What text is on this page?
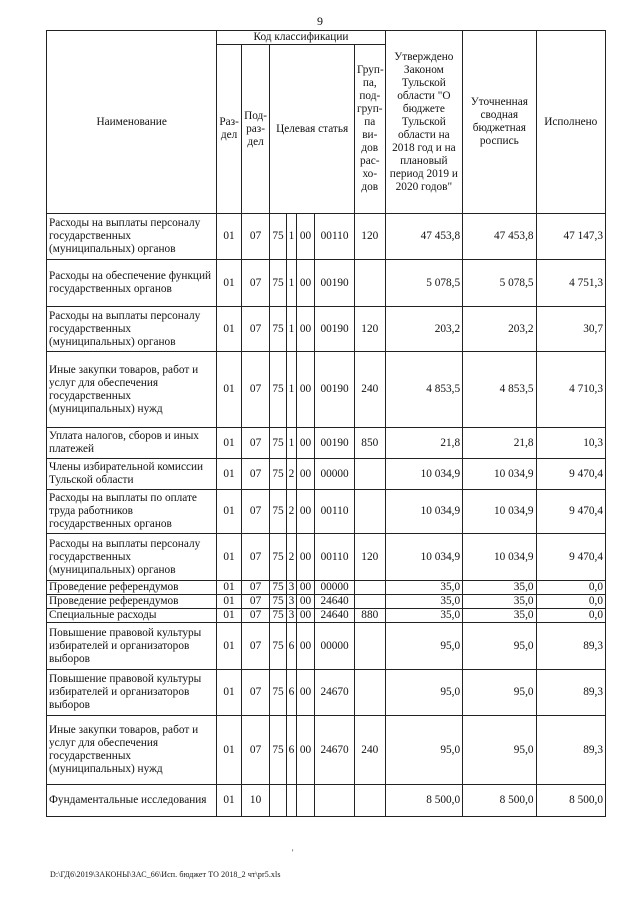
9
Наименование	Код классификации							Утверждено Законом Тульской области "О бюджете Тульской области на 2018 год и на плановый период 2019 и 2020 годов"	Уточненная сводная бюджетная роспись	Исполнено
	Раз- дел	Под- раз- дел	Целевая статья				Груп- па, под- груп- па ви- дов рас- хо- дов			
Расходы на выплаты персоналу государственных (муниципальных) органов	01	07	75	1	00	00110	120	47 453,8	47 453,8	47 147,3
Расходы на обеспечение функций государственных органов	01	07	75	1	00	00190		5 078,5	5 078,5	4 751,3
Расходы на выплаты персоналу государственных (муниципальных) органов	01	07	75	1	00	00190	120	203,2	203,2	30,7
Иные закупки товаров, работ и услуг для обеспечения государственных (муниципальных) нужд	01	07	75	1	00	00190	240	4 853,5	4 853,5	4 710,3
Уплата налогов, сборов и иных платежей	01	07	75	1	00	00190	850	21,8	21,8	10,3
Члены избирательной комиссии Тульской области	01	07	75	2	00	00000		10 034,9	10 034,9	9 470,4
Расходы на выплаты по оплате труда работников государственных органов	01	07	75	2	00	00110		10 034,9	10 034,9	9 470,4
Расходы на выплаты персоналу государственных (муниципальных) органов	01	07	75	2	00	00110	120	10 034,9	10 034,9	9 470,4
Проведение референдумов	01	07	75	3	00	00000		35,0	35,0	0,0
Проведение референдумов	01	07	75	3	00	24640		35,0	35,0	0,0
Специальные расходы	01	07	75	3	00	24640	880	35,0	35,0	0,0
Повышение правовой культуры избирателей и организаторов выборов	01	07	75	6	00	00000		95,0	95,0	89,3
Повышение правовой культуры избирателей и организаторов выборов	01	07	75	6	00	24670		95,0	95,0	89,3
Иные закупки товаров, работ и услуг для обеспечения государственных (муниципальных) нужд	01	07	75	6	00	24670	240	95,0	95,0	89,3
Фундаментальные исследования	01	10						8 500,0	8 500,0	8 500,0
'
D:\ГД6\2019\ЗАКОНЫ\ЗАС_66\Исп. бюджет ТО 2018_2 чт\pr5.xls
